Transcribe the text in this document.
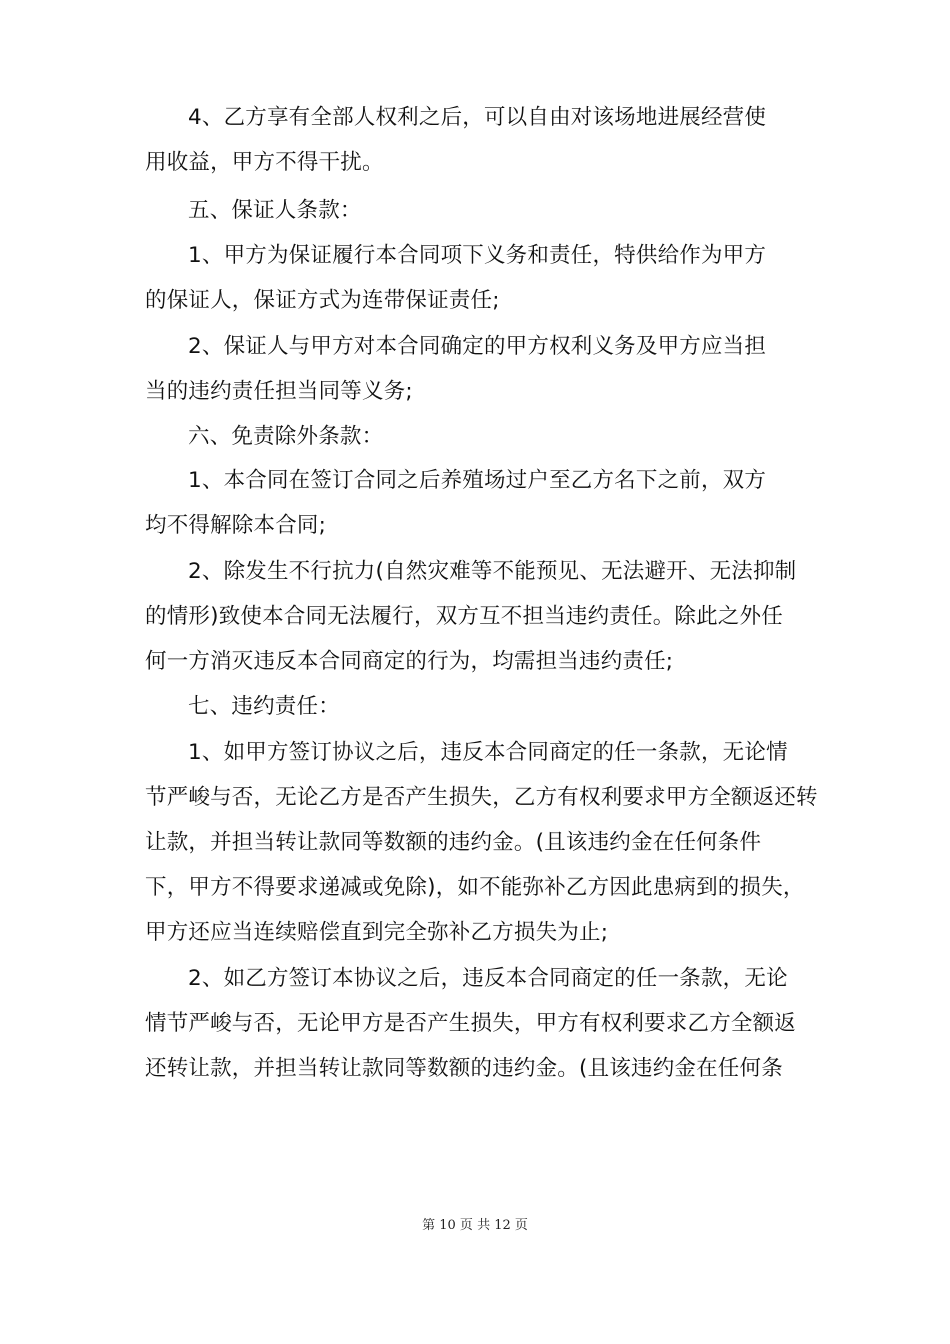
4、乙方享有全部人权利之后，可以自由对该场地进展经营使
用收益，甲方不得干扰。
五、保证人条款：
1、甲方为保证履行本合同项下义务和责任，特供给作为甲方
的保证人，保证方式为连带保证责任;
2、保证人与甲方对本合同确定的甲方权利义务及甲方应当担
当的违约责任担当同等义务;
六、免责除外条款：
1、本合同在签订合同之后养殖场过户至乙方名下之前，双方
均不得解除本合同;
2、除发生不行抗力(自然灾难等不能预见、无法避开、无法抑制
的情形)致使本合同无法履行，双方互不担当违约责任。除此之外任
何一方消灭违反本合同商定的行为，均需担当违约责任;
七、违约责任：
1、如甲方签订协议之后，违反本合同商定的任一条款，无论情
节严峻与否，无论乙方是否产生损失，乙方有权利要求甲方全额返还转
让款，并担当转让款同等数额的违约金。(且该违约金在任何条件
下，甲方不得要求递减或免除)，如不能弥补乙方因此患病到的损失，
甲方还应当连续赔偿直到完全弥补乙方损失为止;
2、如乙方签订本协议之后，违反本合同商定的任一条款，无论
情节严峻与否，无论甲方是否产生损失，甲方有权利要求乙方全额返
还转让款，并担当转让款同等数额的违约金。(且该违约金在任何条
第 10 页 共 12 页
